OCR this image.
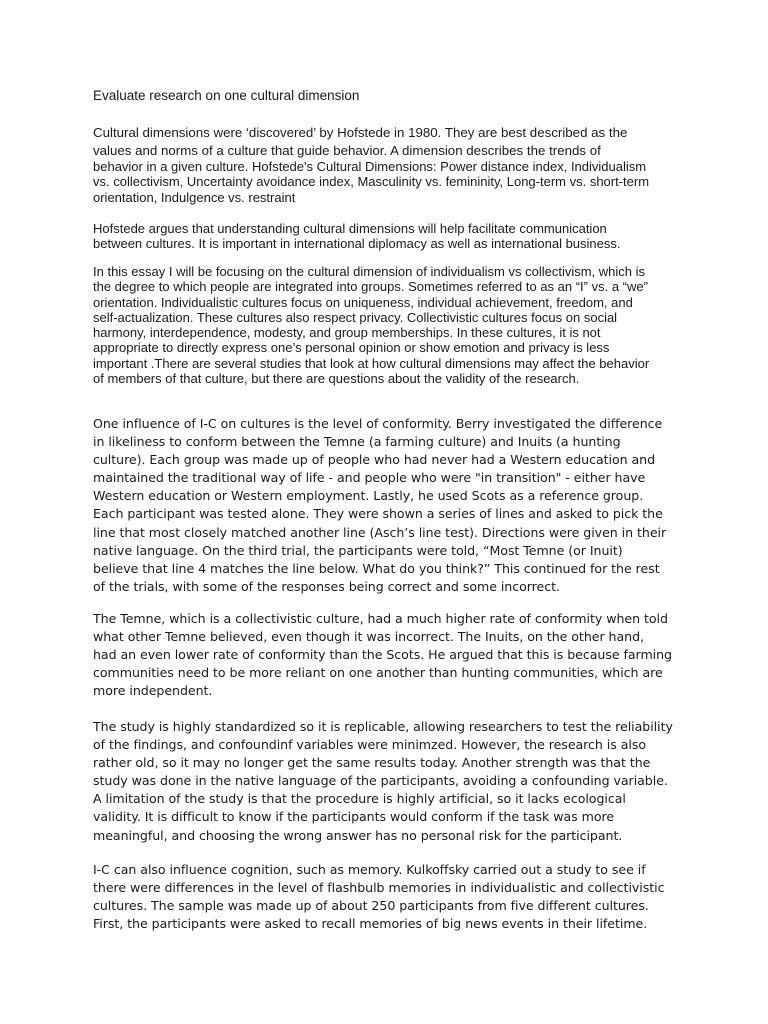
Evaluate research on one cultural dimension

Cultural dimensions were ‘discovered’ by Hofstede in 1980. They are best described as the
values and norms of a culture that guide behavior. A dimension describes the trends of
behavior in a given culture. Hofstede's Cultural Dimensions: Power distance index, Individualism
vs. collectivism, Uncertainty avoidance index, Masculinity vs. femininity, Long-term vs. short-term
orientation, Indulgence vs. restraint

Hofstede argues that understanding cultural dimensions will help facilitate communication
between cultures. It is important in international diplomacy as well as international business.

In this essay I will be focusing on the cultural dimension of individualism vs collectivism, which is
the degree to which people are integrated into groups. Sometimes referred to as an “I” vs. a “we”
orientation. Individualistic cultures focus on uniqueness, individual achievement, freedom, and
self-actualization. These cultures also respect privacy. Collectivistic cultures focus on social
harmony, interdependence, modesty, and group memberships. In these cultures, it is not
appropriate to directly express one’s personal opinion or show emotion and privacy is less
important .There are several studies that look at how cultural dimensions may affect the behavior
of members of that culture, but there are questions about the validity of the research.

One influence of I-C on cultures is the level of conformity. Berry investigated the difference
in likeliness to conform between the Temne (a farming culture) and Inuits (a hunting
culture). Each group was made up of people who had never had a Western education and
maintained the traditional way of life - and people who were "in transition" - either have
Western education or Western employment. Lastly, he used Scots as a reference group.
Each participant was tested alone. They were shown a series of lines and asked to pick the
line that most closely matched another line (Asch’s line test). Directions were given in their
native language. On the third trial, the participants were told, “Most Temne (or Inuit)
believe that line 4 matches the line below. What do you think?” This continued for the rest
of the trials, with some of the responses being correct and some incorrect.

The Temne, which is a collectivistic culture, had a much higher rate of conformity when told
what other Temne believed, even though it was incorrect. The Inuits, on the other hand,
had an even lower rate of conformity than the Scots. He argued that this is because farming
communities need to be more reliant on one another than hunting communities, which are
more independent.

The study is highly standardized so it is replicable, allowing researchers to test the reliability
of the findings, and confoundinf variables were minimzed. However, the research is also
rather old, so it may no longer get the same results today. Another strength was that the
study was done in the native language of the participants, avoiding a confounding variable.
A limitation of the study is that the procedure is highly artificial, so it lacks ecological
validity. It is difficult to know if the participants would conform if the task was more
meaningful, and choosing the wrong answer has no personal risk for the participant.

I-C can also influence cognition, such as memory. Kulkoffsky carried out a study to see if
there were differences in the level of flashbulb memories in individualistic and collectivistic
cultures. The sample was made up of about 250 participants from five different cultures.
First, the participants were asked to recall memories of big news events in their lifetime.
